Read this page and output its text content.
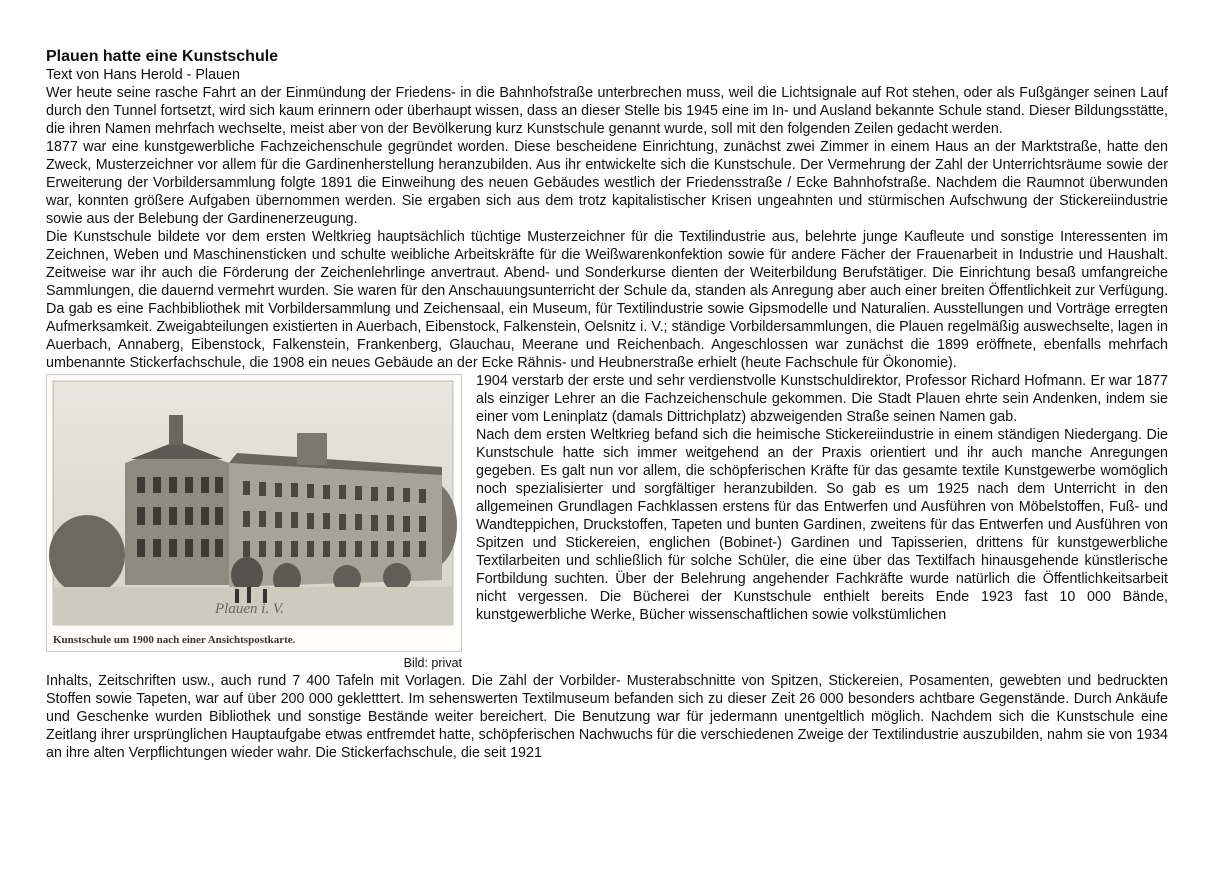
Plauen hatte eine Kunstschule

Text von Hans Herold - Plauen

Wer heute seine rasche Fahrt an der Einmündung der Friedens- in die Bahnhofstraße unterbrechen muss, weil die Lichtsignale auf Rot stehen, oder als Fußgänger seinen Lauf durch den Tunnel fortsetzt, wird sich kaum erinnern oder überhaupt wissen, dass an dieser Stelle bis 1945 eine im In- und Ausland bekannte Schule stand. Dieser Bildungsstätte, die ihren Namen mehrfach wechselte, meist aber von der Bevölkerung kurz Kunstschule genannt wurde, soll mit den folgenden Zeilen gedacht werden.

1877 war eine kunstgewerbliche Fachzeichenschule gegründet worden. Diese bescheidene Einrichtung, zunächst zwei Zimmer in einem Haus an der Marktstraße, hatte den Zweck, Musterzeichner vor allem für die Gardinenherstellung heranzubilden. Aus ihr entwickelte sich die Kunstschule. Der Vermehrung der Zahl der Unterrichtsräume sowie der Erweiterung der Vorbildersammlung folgte 1891 die Einweihung des neuen Gebäudes westlich der Friedensstraße / Ecke Bahnhofstraße. Nachdem die Raumnot überwunden war, konnten größere Aufgaben übernommen werden. Sie ergaben sich aus dem trotz kapitalistischer Krisen ungeahnten und stürmischen Aufschwung der Stickereiindustrie sowie aus der Belebung der Gardinenerzeugung.

Die Kunstschule bildete vor dem ersten Weltkrieg hauptsächlich tüchtige Musterzeichner für die Textilindustrie aus, belehrte junge Kaufleute und sonstige Interessenten im Zeichnen, Weben und Maschinensticken und schulte weibliche Arbeitskräfte für die Weißwarenkonfektion sowie für andere Fächer der Frauenarbeit in Industrie und Haushalt. Zeitweise war ihr auch die Förderung der Zeichenlehrlinge anvertraut. Abend- und Sonderkurse dienten der Weiterbildung Berufstätiger. Die Einrichtung besaß umfangreiche Sammlungen, die dauernd vermehrt wurden. Sie waren für den Anschauungsunterricht der Schule da, standen als Anregung aber auch einer breiten Öffentlichkeit zur Verfügung. Da gab es eine Fachbibliothek mit Vorbildersammlung und Zeichensaal, ein Museum, für Textilindustrie sowie Gipsmodelle und Naturalien. Ausstellungen und Vorträge erregten Aufmerksamkeit. Zweigabteilungen existierten in Auerbach, Eibenstock, Falkenstein, Oelsnitz i. V.; ständige Vorbildersammlungen, die Plauen regelmäßig auswechselte, lagen in Auerbach, Annaberg, Eibenstock, Falkenstein, Frankenberg, Glauchau, Meerane und Reichenbach. Angeschlossen war zunächst die 1899 eröffnete, ebenfalls mehrfach umbenannte Stickerfachschule, die 1908 ein neues Gebäude an der Ecke Rähnis- und Heubnerstraße erhielt (heute Fachschule für Ökonomie).

Plauen i. V.
Kunstschule um 1900 nach einer Ansichtspostkarte.
Bild: privat

1904 verstarb der erste und sehr verdienstvolle Kunstschuldirektor, Professor Richard Hofmann. Er war 1877 als einziger Lehrer an die Fachzeichenschule gekommen. Die Stadt Plauen ehrte sein Andenken, indem sie einer vom Leninplatz (damals Dittrichplatz) abzweigenden Straße seinen Namen gab.

Nach dem ersten Weltkrieg befand sich die heimische Stickereiindustrie in einem ständigen Niedergang. Die Kunstschule hatte sich immer weitgehend an der Praxis orientiert und ihr auch manche Anregungen gegeben. Es galt nun vor allem, die schöpferischen Kräfte für das gesamte textile Kunstgewerbe womöglich noch spezialisierter und sorgfältiger heranzubilden. So gab es um 1925 nach dem Unterricht in den allgemeinen Grundlagen Fachklassen erstens für das Entwerfen und Ausführen von Möbelstoffen, Fuß- und Wandteppichen, Druckstoffen, Tapeten und bunten Gardinen, zweitens für das Entwerfen und Ausführen von Spitzen und Stickereien, englichen (Bobinet-) Gardinen und Tapisserien, drittens für kunstgewerbliche Textilarbeiten und schließlich für solche Schüler, die eine über das Textilfach hinausgehende künstlerische Fortbildung suchten. Über der Belehrung angehender Fachkräfte wurde natürlich die Öffentlichkeitsarbeit nicht vergessen. Die Bücherei der Kunstschule enthielt bereits Ende 1923 fast 10 000 Bände, kunstgewerbliche Werke, Bücher wissenschaftlichen sowie volkstümlichen

Inhalts, Zeitschriften usw., auch rund 7 400 Tafeln mit Vorlagen. Die Zahl der Vorbilder- Musterabschnitte von Spitzen, Stickereien, Posamenten, gewebten und bedruckten Stoffen sowie Tapeten, war auf über 200 000 gekletttert. Im sehenswerten Textilmuseum befanden sich zu dieser Zeit 26 000 besonders achtbare Gegenstände. Durch Ankäufe und Geschenke wurden Bibliothek und sonstige Bestände weiter bereichert. Die Benutzung war für jedermann unentgeltlich möglich. Nachdem sich die Kunstschule eine Zeitlang ihrer ursprünglichen Hauptaufgabe etwas entfremdet hatte, schöpferischen Nachwuchs für die verschiedenen Zweige der Textilindustrie auszubilden, nahm sie von 1934 an ihre alten Verpflichtungen wieder wahr. Die Stickerfachschule, die seit 1921
